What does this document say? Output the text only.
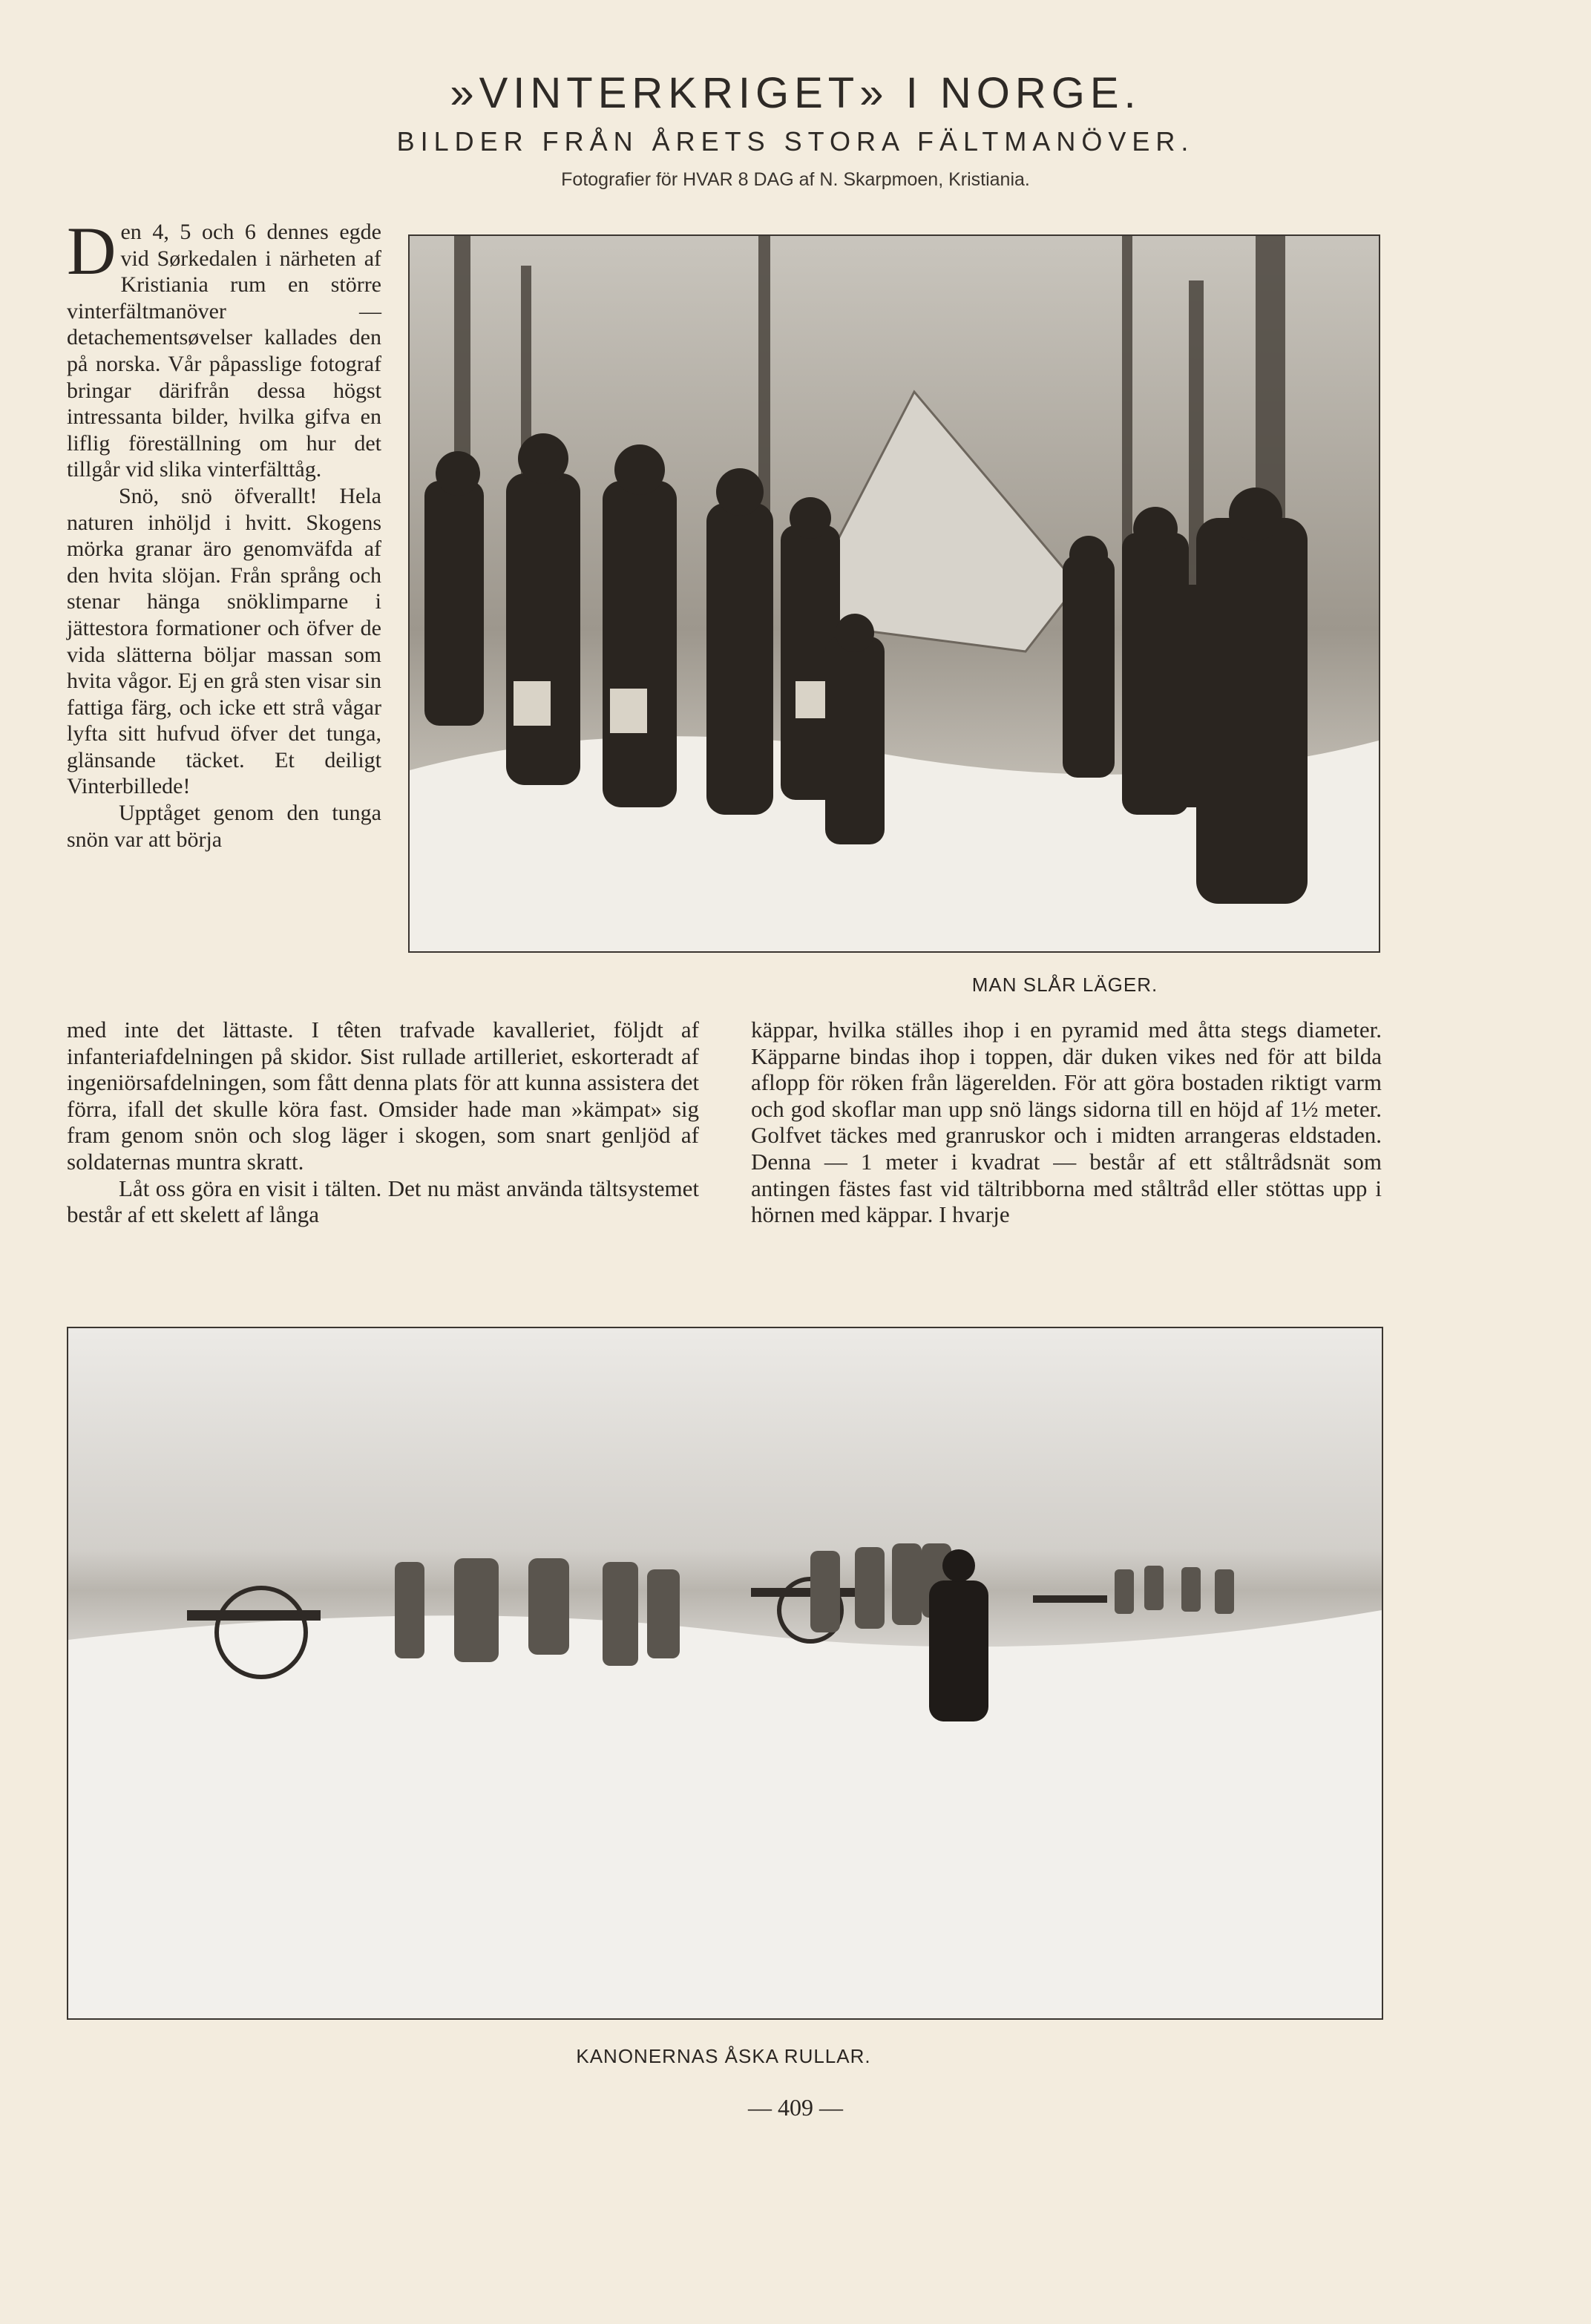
»VINTERKRIGET» I NORGE.
BILDER FRÅN ÅRETS STORA FÄLTMANÖVER.
Fotografier för HVAR 8 DAG af N. Skarpmoen, Kristiania.

Den 4, 5 och 6 dennes egde vid Sørkedalen i närheten af Kristiania rum en större vinterfältmanöver — detachementsøvelser kallades den på norska. Vår påpasslige fotograf bringar därifrån dessa högst intressanta bilder, hvilka gifva en liflig föreställning om hur det tillgår vid slika vinterfälttåg.

Snö, snö öfverallt! Hela naturen inhöljd i hvitt. Skogens mörka granar äro genomväfda af den hvita slöjan. Från språng och stenar hänga snöklimparne i jättestora formationer och öfver de vida slätterna böljar massan som hvita vågor. Ej en grå sten visar sin fattiga färg, och icke ett strå vågar lyfta sitt hufvud öfver det tunga, glänsande täcket. Et deiligt Vinterbillede!

Upptåget genom den tunga snön var att börja

MAN SLÅR LÄGER.

med inte det lättaste. I têten trafvade kavalleriet, följdt af infanteriafdelningen på skidor. Sist rullade artilleriet, eskorteradt af ingeniörsafdelningen, som fått denna plats för att kunna assistera det förra, ifall det skulle köra fast. Omsider hade man »kämpat» sig fram genom snön och slog läger i skogen, som snart genljöd af soldaternas muntra skratt.

Låt oss göra en visit i tälten. Det nu mäst använda tältsystemet består af ett skelett af långa

käppar, hvilka ställes ihop i en pyramid med åtta stegs diameter. Käpparne bindas ihop i toppen, där duken vikes ned för att bilda aflopp för röken från lägerelden. För att göra bostaden riktigt varm och god skoflar man upp snö längs sidorna till en höjd af 1½ meter. Golfvet täckes med granruskor och i midten arrangeras eldstaden. Denna — 1 meter i kvadrat — består af ett ståltrådsnät som antingen fästes fast vid tältribborna med ståltråd eller stöttas upp i hörnen med käppar. I hvarje

KANONERNAS ÅSKA RULLAR.
— 409 —
